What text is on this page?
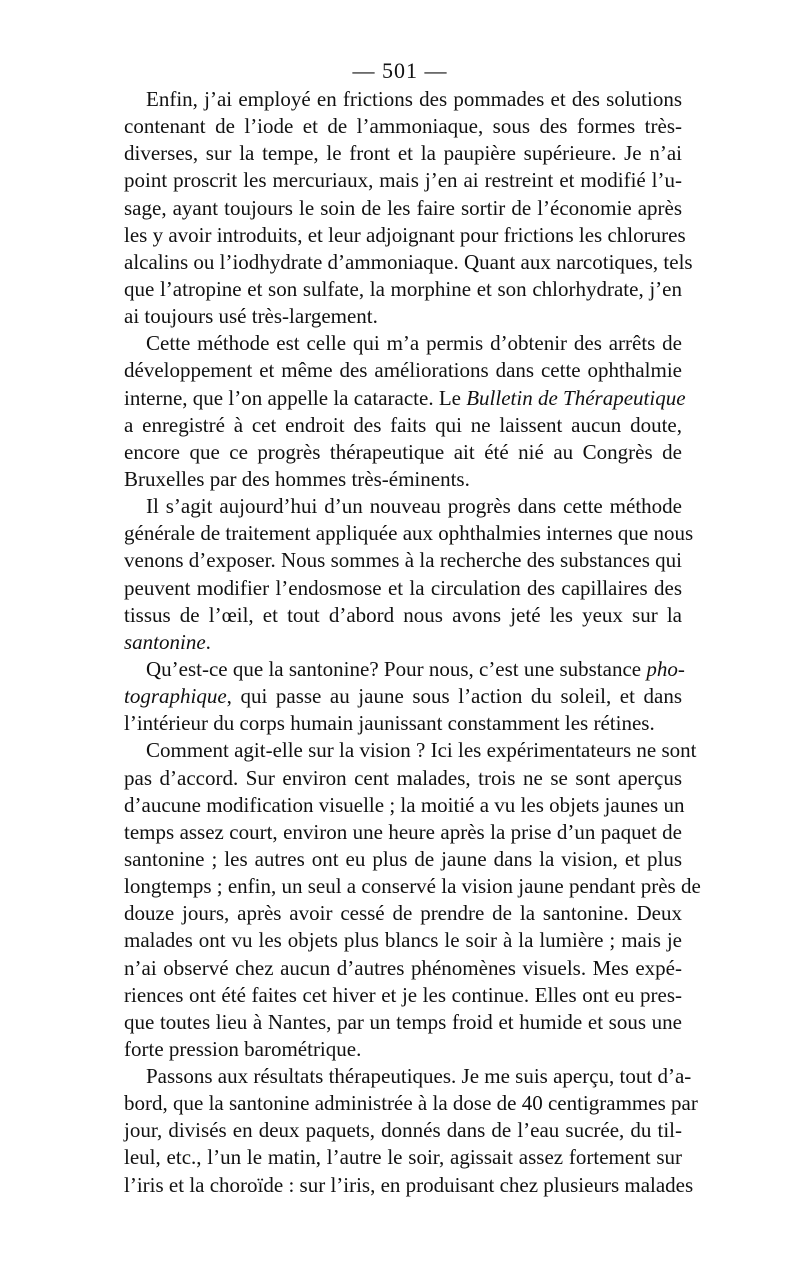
— 501 —
Enfin, j’ai employé en frictions des pommades et des solutions
contenant de l’iode et de l’ammoniaque, sous des formes très-
diverses, sur la tempe, le front et la paupière supérieure. Je n’ai
point proscrit les mercuriaux, mais j’en ai restreint et modifié l’u-
sage, ayant toujours le soin de les faire sortir de l’économie après
les y avoir introduits, et leur adjoignant pour frictions les chlorures
alcalins ou l’iodhydrate d’ammoniaque. Quant aux narcotiques, tels
que l’atropine et son sulfate, la morphine et son chlorhydrate, j’en
ai toujours usé très-largement.
Cette méthode est celle qui m’a permis d’obtenir des arrêts de
développement et même des améliorations dans cette ophthalmie
interne, que l’on appelle la cataracte. Le Bulletin de Thérapeutique
a enregistré à cet endroit des faits qui ne laissent aucun doute,
encore que ce progrès thérapeutique ait été nié au Congrès de
Bruxelles par des hommes très-éminents.
Il s’agit aujourd’hui d’un nouveau progrès dans cette méthode
générale de traitement appliquée aux ophthalmies internes que nous
venons d’exposer. Nous sommes à la recherche des substances qui
peuvent modifier l’endosmose et la circulation des capillaires des
tissus de l’œil, et tout d’abord nous avons jeté les yeux sur la
santonine.
Qu’est-ce que la santonine? Pour nous, c’est une substance pho-
tographique, qui passe au jaune sous l’action du soleil, et dans
l’intérieur du corps humain jaunissant constamment les rétines.
Comment agit-elle sur la vision ? Ici les expérimentateurs ne sont
pas d’accord. Sur environ cent malades, trois ne se sont aperçus
d’aucune modification visuelle ; la moitié a vu les objets jaunes un
temps assez court, environ une heure après la prise d’un paquet de
santonine ; les autres ont eu plus de jaune dans la vision, et plus
longtemps ; enfin, un seul a conservé la vision jaune pendant près de
douze jours, après avoir cessé de prendre de la santonine. Deux
malades ont vu les objets plus blancs le soir à la lumière ; mais je
n’ai observé chez aucun d’autres phénomènes visuels. Mes expé-
riences ont été faites cet hiver et je les continue. Elles ont eu pres-
que toutes lieu à Nantes, par un temps froid et humide et sous une
forte pression barométrique.
Passons aux résultats thérapeutiques. Je me suis aperçu, tout d’a-
bord, que la santonine administrée à la dose de 40 centigrammes par
jour, divisés en deux paquets, donnés dans de l’eau sucrée, du til-
leul, etc., l’un le matin, l’autre le soir, agissait assez fortement sur
l’iris et la choroïde : sur l’iris, en produisant chez plusieurs malades
